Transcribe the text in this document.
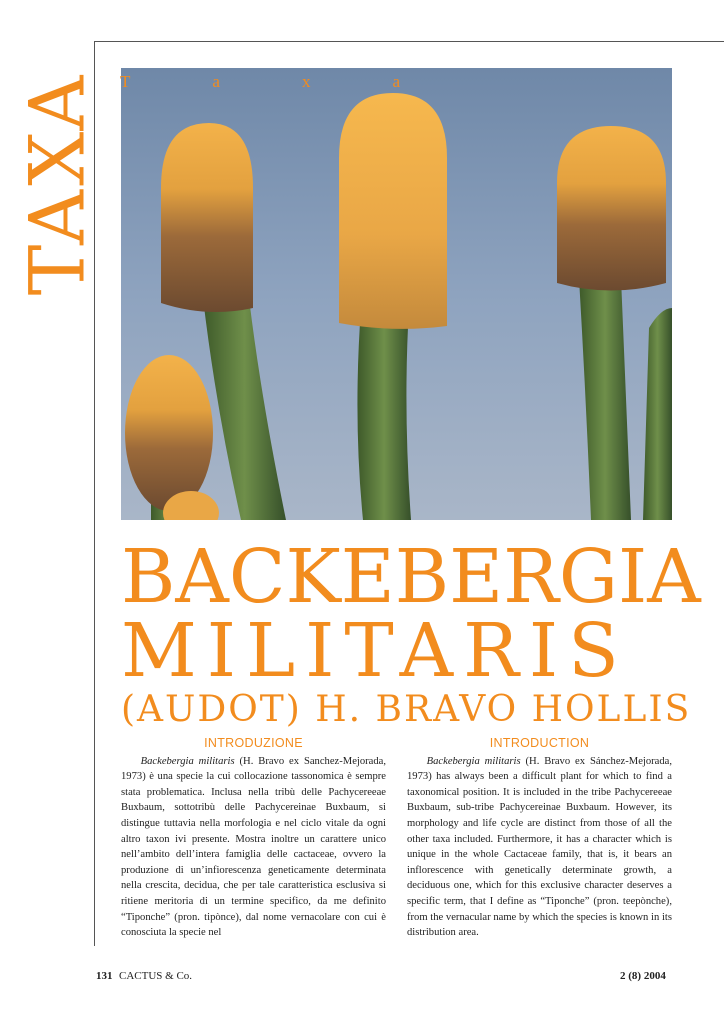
TAXA T	a	x	a
BACKEBERGIA
MILITARIS
(AUDOT) H. BRAVO HOLLIS
INTRODUZIONE

Backebergia militaris (H. Bravo ex Sanchez-Mejorada, 1973) è una specie la cui collocazione tassonomica è sempre stata problematica. Inclusa nella tribù delle Pachycereeae Buxbaum, sottotribù delle Pachycereinae Buxbaum, si distingue tuttavia nella morfologia e nel ciclo vitale da ogni altro taxon ivi presente. Mostra inoltre un carattere unico nell’ambito dell’intera famiglia delle cactaceae, ovvero la produzione di un’infiorescenza geneticamente determinata nella crescita, decidua, che per tale caratteristica esclusiva si ritiene meritoria di un termine specifico, da me definito “Tiponche” (pron. tipònce), dal nome vernacolare con cui è conosciuta la specie nel

INTRODUCTION

Backebergia militaris (H. Bravo ex Sánchez-Mejorada, 1973) has always been a difficult plant for which to find a taxonomical position. It is included in the tribe Pachycereeae Buxbaum, sub-tribe Pachycereinae Buxbaum. However, its morphology and life cycle are distinct from those of all the other taxa included. Furthermore, it has a character which is unique in the whole Cactaceae family, that is, it bears an inflorescence with genetically determinate growth, a deciduous one, which for this exclusive character deserves a specific term, that I define as “Tiponche” (pron. teepònche), from the vernacular name by which the species is known in its distribution area.

131 CACTUS & Co.	2 (8) 2004
